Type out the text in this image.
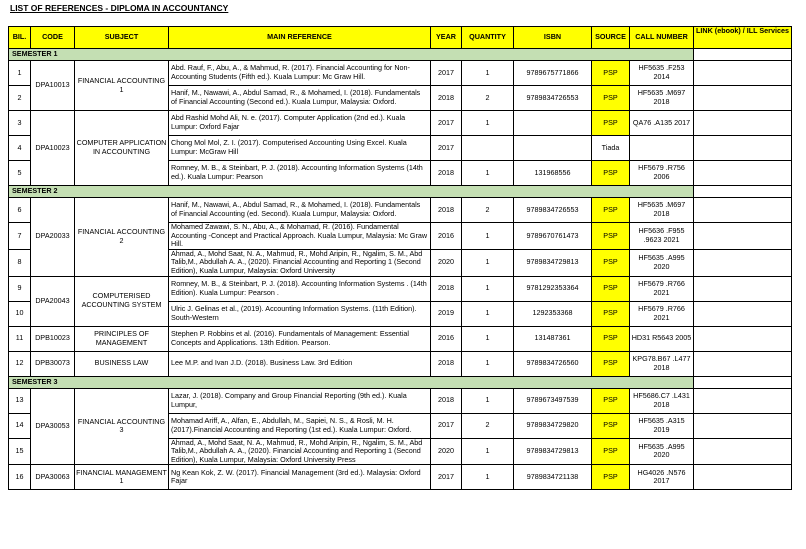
LIST OF REFERENCES - DIPLOMA IN ACCOUNTANCY
BIL.	CODE	SUBJECT	MAIN REFERENCE	YEAR	QUANTITY	ISBN	SOURCE	CALL NUMBER	LINK (ebook) / ILL Services
SEMESTER 1									
1	DPA10013	FINANCIAL ACCOUNTING 1	Abd. Rauf, F., Abu, A., & Mahmud, R. (2017). Financial Accounting for Non-Accounting Students (Fifth ed.). Kuala Lumpur: Mc Graw Hill.	2017	1	9789675771866	PSP	HF5635 .F253 2014	
2			Hanif, M., Nawawi, A., Abdul Samad, R., & Mohamed, I. (2018). Fundamentals of Financial Accounting (Second ed.). Kuala Lumpur, Malaysia: Oxford.	2018	2	9789834726553	PSP	HF5635 .M697 2018	
3	DPA10023	COMPUTER APPLICATION IN ACCOUNTING	Abd Rashid Mohd Ali, N. e. (2017). Computer Application (2nd ed.). Kuala Lumpur: Oxford Fajar	2017	1		PSP	QA76 .A135 2017	
4			Chong Mol Mol, Z. I. (2017). Computerised Accounting Using Excel. Kuala Lumpur: McGraw Hill	2017			Tiada		
5			Romney, M. B., & Steinbart, P. J. (2018). Accounting Information Systems (14th ed.). Kuala Lumpur: Pearson	2018	1	131968556	PSP	HF5679 .R756 2006	
SEMESTER 2									
6	DPA20033	FINANCIAL ACCOUNTING 2	Hanif, M., Nawawi, A., Abdul Samad, R., & Mohamed, I. (2018). Fundamentals of Financial Accounting (ed. Second). Kuala Lumpur, Malaysia: Oxford.	2018	2	9789834726553	PSP	HF5635 .M697 2018	
7			Mohamed Zawawi, S. N., Abu, A., & Mohamad, R. (2016). Fundamental Accounting -Concept and Practical Approach. Kuala Lumpur, Malaysia: Mc Graw Hill.	2016	1	9789670761473	PSP	HF5636 .F955 .9623 2021	
8			Ahmad, A., Mohd Saat, N. A., Mahmud, R., Mohd Aripin, R., Ngalim, S. M., Abd Talib,M., Abdullah A. A., (2020). Financial Accounting and Reporting 1 (Second Edition), Kuala Lumpur, Malaysia: Oxford University	2020	1	9789834729813	PSP	HF5635 .A995 2020	
9	DPA20043	COMPUTERISED ACCOUNTING SYSTEM	Romney, M. B., & Steinbart, P. J. (2018). Accounting Information Systems . (14th Edition). Kuala Lumpur: Pearson .	2018	1	9781292353364	PSP	HF5679 .R766 2021	
10			Ulric J. Gelinas et al., (2019). Accounting Information Systems. (11th Edition). South-Western	2019	1	1292353368	PSP	HF5679 .R766 2021	
11	DPB10023	PRINCIPLES OF MANAGEMENT	Stephen P. Robbins et al. (2016). Fundamentals of Management: Essential Concepts and Applications. 13th Edition. Pearson.	2016	1	131487361	PSP	HD31 R5643 2005	
12	DPB30073	BUSINESS LAW	Lee M.P. and Ivan J.D. (2018). Business Law. 3rd Edition	2018	1	9789834726560	PSP	KPG78.B67 .L477 2018	
SEMESTER 3									
13	DPA30053	FINANCIAL ACCOUNTING 3	Lazar, J. (2018). Company and Group Financial Reporting (9th ed.). Kuala Lumpur,	2018	1	9789673497539	PSP	HF5686.C7 .L431 2018	
14			Mohamad Ariff, A., Alfan, E., Abdullah, M., Sapiei, N. S., & Rosli, M. H. (2017).Financial Accounting and Reporting (1st ed.). Kuala Lumpur: Oxford.	2017	2	9789834729820	PSP	HF5635 .A315 2019	
15			Ahmad, A., Mohd Saat, N. A., Mahmud, R., Mohd Aripin, R., Ngalim, S. M., Abd Talib,M., Abdullah A. A., (2020). Financial Accounting and Reporting 1 (Second Edition), Kuala Lumpur, Malaysia: Oxford University Press	2020	1	9789834729813	PSP	HF5635 .A995 2020	
16	DPA30063	FINANCIAL MANAGEMENT 1	Ng Kean Kok, Z. W. (2017). Financial Management (3rd ed.). Malaysia: Oxford Fajar	2017	1	9789834721138	PSP	HG4026 .N576 2017	
